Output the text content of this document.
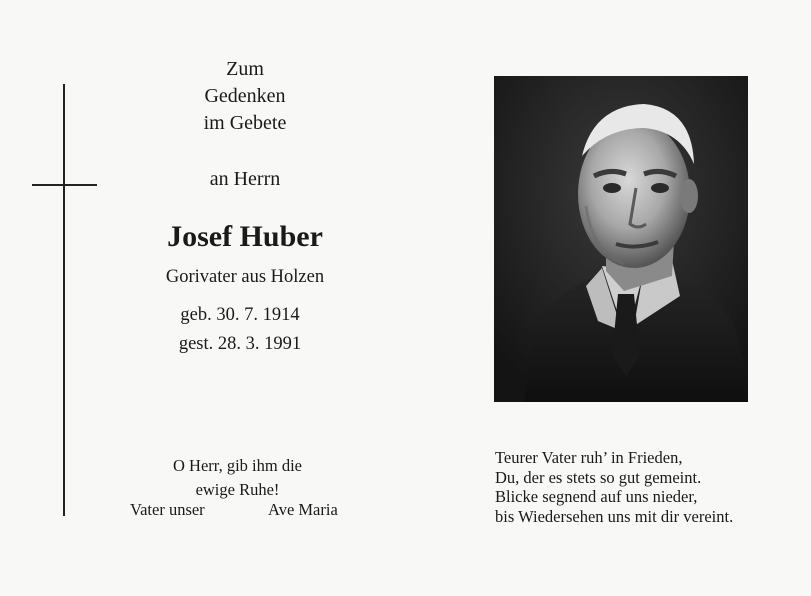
Zum
Gedenken
im Gebete
an Herrn
Josef Huber
Gorivater aus Holzen
geb. 30. 7. 1914
gest. 28. 3. 1991
O Herr, gib ihm die
ewige Ruhe!
Vater unser	Ave Maria
Teurer Vater ruh’ in Frieden,
Du, der es stets so gut gemeint.
Blicke segnend auf uns nieder,
bis Wiedersehen uns mit dir vereint.
